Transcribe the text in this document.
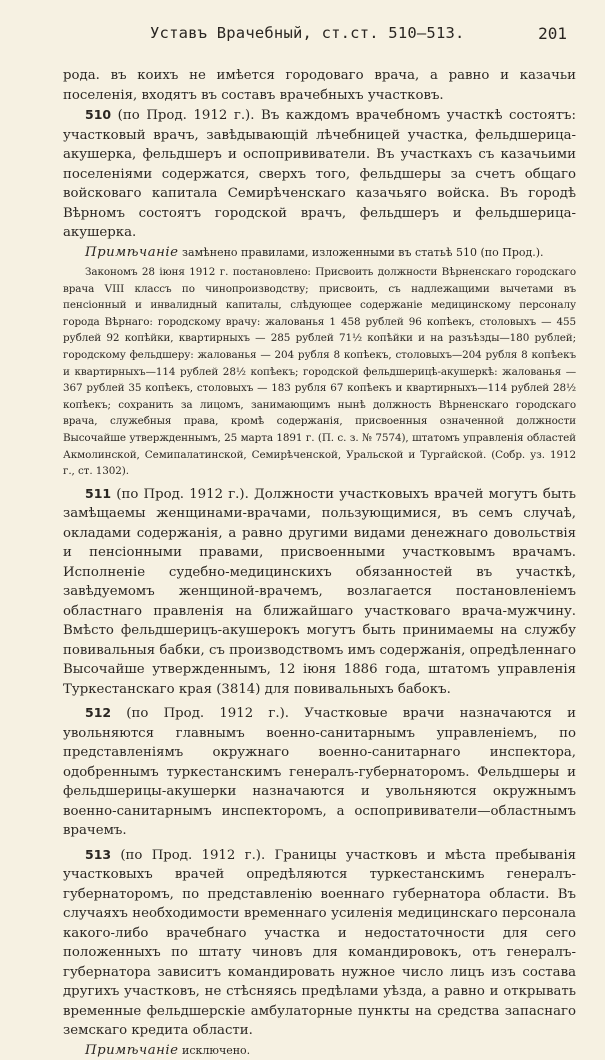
Уставъ Врачебный, ст.ст. 510—513.	201

рода. въ коихъ не имѣется городоваго врача, а равно и казачьи поселенія, входятъ въ составъ врачебныхъ участковъ.

510 (по Прод. 1912 г.). Въ каждомъ врачебномъ участкѣ состоятъ: участковый врачъ, завѣдывающій лѣчебницей участка, фельдшерица-акушерка, фельдшеръ и оспопрививатели. Въ участкахъ съ казачьими поселеніями содержатся, сверхъ того, фельдшеры за счетъ общаго войсковаго капитала Семирѣченскаго казачьяго войска. Въ городѣ Вѣрномъ состоятъ городской врачъ, фельдшеръ и фельдшерица-акушерка.

Примѣчаніе замѣнено правилами, изложенными въ статьѣ 510 (по Прод.).

Закономъ 28 іюня 1912 г. постановлено: Присвоить должности Вѣрненскаго городскаго врача VIII классъ по чинопроизводству; присвоить, съ надлежащими вычетами въ пенсіонный и инвалидный капиталы, слѣдующее содержаніе медицинскому персоналу города Вѣрнаго: городскому врачу: жалованья 1 458 рублей 96 копѣекъ, столовыхъ — 455 рублей 92 копѣйки, квартирныхъ — 285 рублей 71½ копѣйки и на разъѣзды—180 рублей; городскому фельдшеру: жалованья — 204 рубля 8 копѣекъ, столовыхъ—204 рубля 8 копѣекъ и квартирныхъ—114 рублей 28½ копѣекъ; городской фельдшерицѣ-акушеркѣ: жалованья — 367 рублей 35 копѣекъ, столовыхъ — 183 рубля 67 копѣекъ и квартирныхъ—114 рублей 28½ копѣекъ; сохранить за лицомъ, занимающимъ нынѣ должность Вѣрненскаго городскаго врача, служебныя права, кромѣ содержанія, присвоенныя означенной должности Высочайше утвержденнымъ, 25 марта 1891 г. (П. с. з. № 7574), штатомъ управленія областей Акмолинской, Семипалатинской, Семирѣченской, Уральской и Тургайской. (Собр. уз. 1912 г., ст. 1302).

511 (по Прод. 1912 г.). Должности участковыхъ врачей могутъ быть замѣщаемы женщинами-врачами, пользующимися, въ семъ случаѣ, окладами содержанія, а равно другими видами денежнаго довольствія и пенсіонными правами, присвоенными участковымъ врачамъ. Исполненіе судебно-медицинскихъ обязанностей въ участкѣ, завѣдуемомъ женщиной-врачемъ, возлагается постановленіемъ областнаго правленія на ближайшаго участковаго врача-мужчину. Вмѣсто фельдшерицъ-акушерокъ могутъ быть принимаемы на службу повивальныя бабки, съ производствомъ имъ содержанія, опредѣленнаго Высочайше утвержденнымъ, 12 іюня 1886 года, штатомъ управленія Туркестанскаго края (3814) для повивальныхъ бабокъ.

512 (по Прод. 1912 г.). Участковые врачи назначаются и увольняются главнымъ военно-санитарнымъ управленіемъ, по представленіямъ окружнаго военно-санитарнаго инспектора, одобреннымъ туркестанскимъ генералъ-губернаторомъ. Фельдшеры и фельдшерицы-акушерки назначаются и увольняются окружнымъ военно-санитарнымъ инспекторомъ, а оспопрививатели—областнымъ врачемъ.

513 (по Прод. 1912 г.). Границы участковъ и мѣста пребыванія участковыхъ врачей опредѣляются туркестанскимъ генералъ-губернаторомъ, по представленію военнаго губернатора области. Въ случаяхъ необходимости временнаго усиленія медицинскаго персонала какого-либо врачебнаго участка и недостаточности для сего положенныхъ по штату чиновъ для командировокъ, отъ генералъ-губернатора зависитъ командировать нужное число лицъ изъ состава другихъ участковъ, не стѣсняясь предѣлами уѣзда, а равно и открывать временные фельдшерскіе амбулаторные пункты на средства запаснаго земскаго кредита области.

Примѣчаніе исключено.
